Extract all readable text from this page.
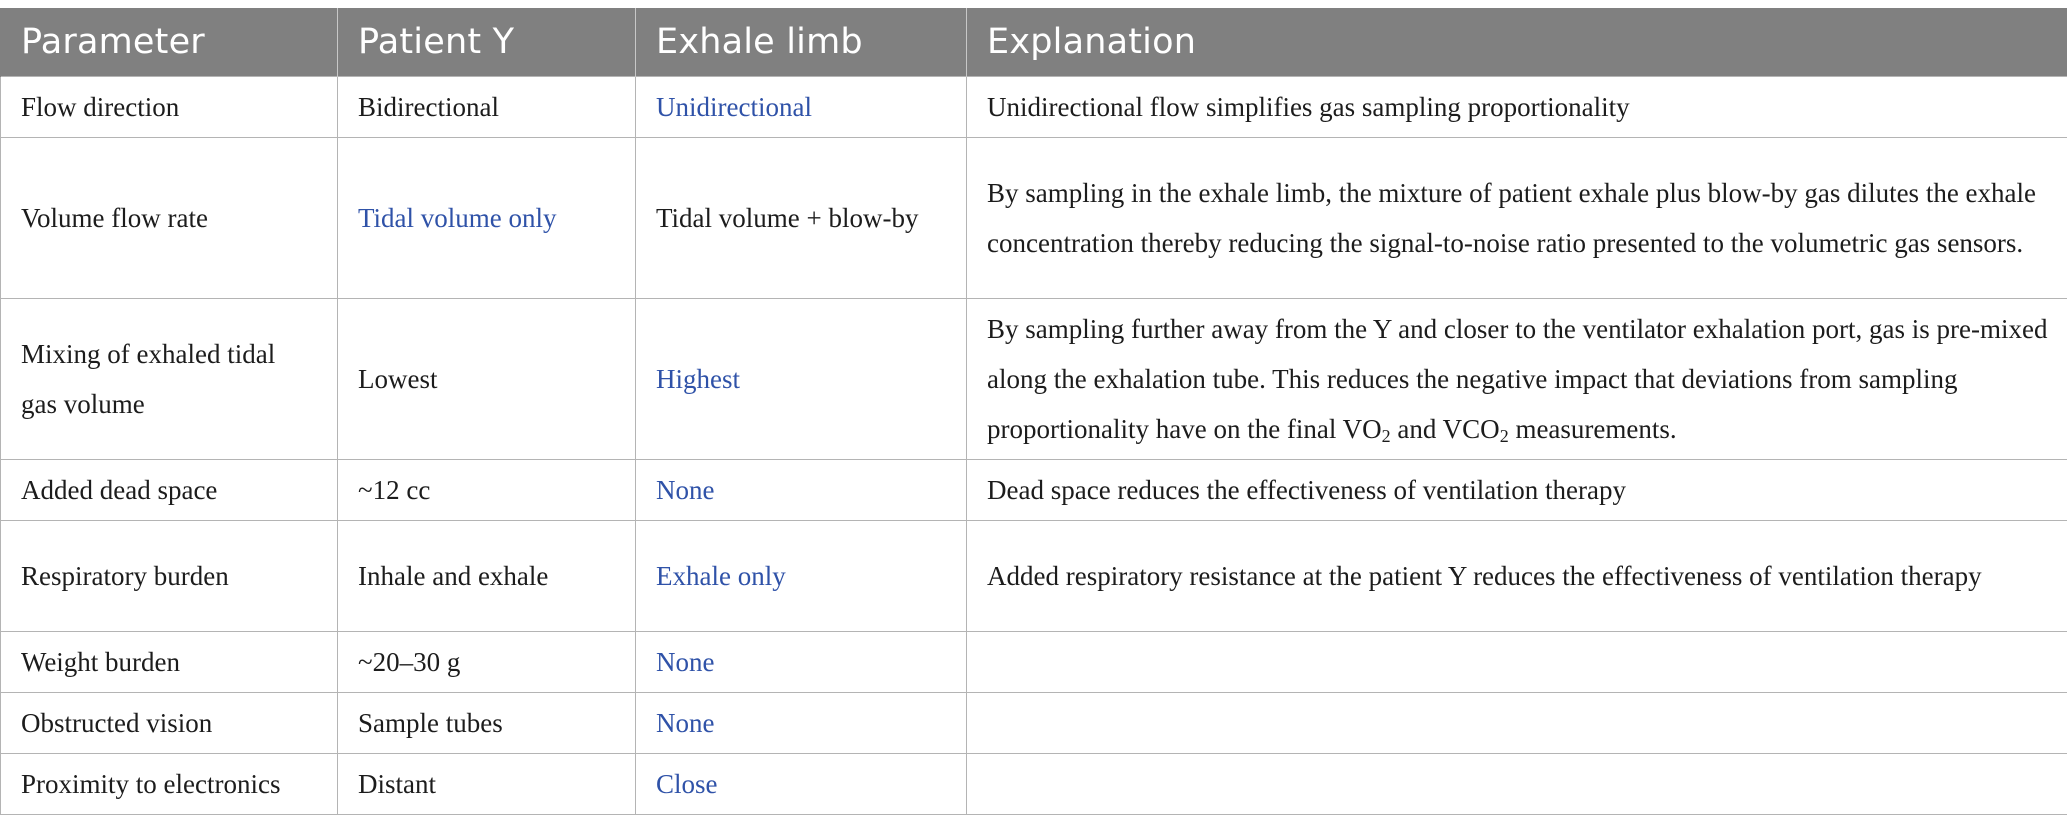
Parameter	Patient Y	Exhale limb	Explanation
Flow direction	Bidirectional	Unidirectional	Unidirectional flow simplifies gas sampling proportionality
Volume flow rate	Tidal volume only	Tidal volume + blow-by	By sampling in the exhale limb, the mixture of patient exhale plus blow-by gas dilutes the exhale concentration thereby reducing the signal-to-noise ratio presented to the volumetric gas sensors.
Mixing of exhaled tidal gas volume	Lowest	Highest	By sampling further away from the Y and closer to the ventilator exhalation port, gas is pre-mixed along the exhalation tube. This reduces the negative impact that deviations from sampling proportionality have on the final $VO_2$ and $VCO_2$ measurements.
Added dead space	~12 cc	None	Dead space reduces the effectiveness of ventilation therapy
Respiratory burden	Inhale and exhale	Exhale only	Added respiratory resistance at the patient Y reduces the effectiveness of ventilation therapy
Weight burden	~20–30 g	None	
Obstructed vision	Sample tubes	None	
Proximity to electronics	Distant	Close	
